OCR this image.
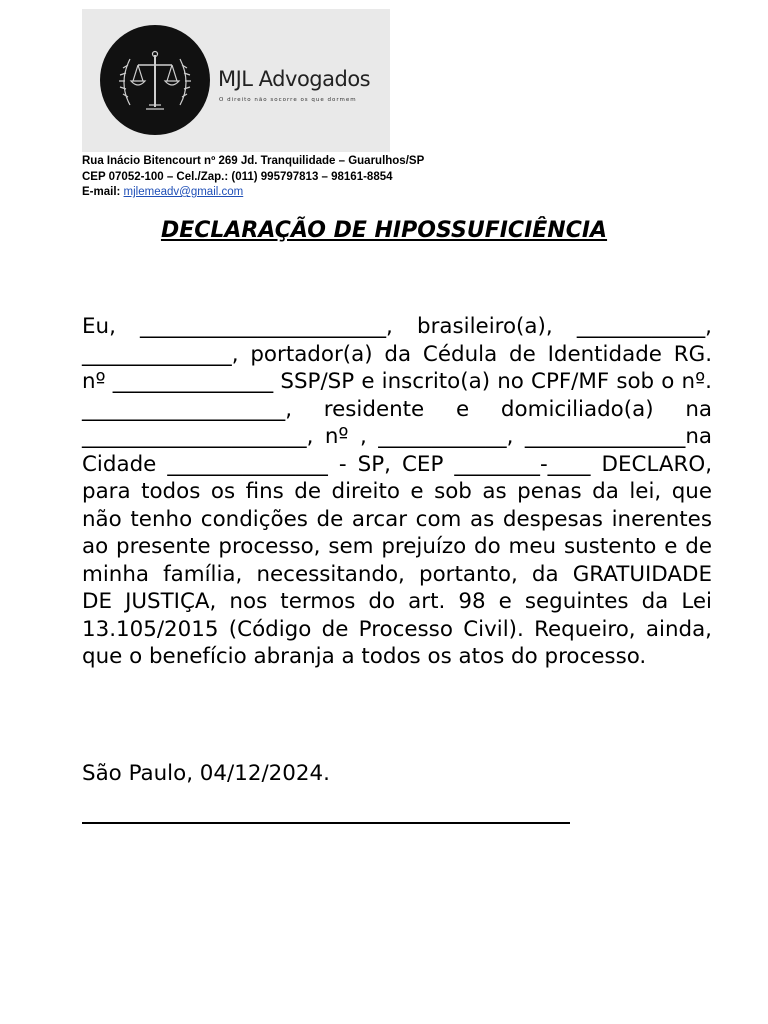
MJL Advogados
O direito não socorre os que dormem
Rua Inácio Bitencourt nº 269 Jd. Tranquilidade – Guarulhos/SP
CEP 07052-100 – Cel./Zap.: (011) 995797813 – 98161-8854
E-mail: mjlemeadv@gmail.com
DECLARAÇÃO DE HIPOSSUFICIÊNCIA

Eu, _______________________, brasileiro(a), ____________, ______________, portador(a) da Cédula de Identidade RG. nº _______________ SSP/SP e inscrito(a) no CPF/MF sob o nº. ___________________, residente e domiciliado(a) na _____________________, nº , ____________, _______________na Cidade _______________ - SP, CEP ________-____ DECLARO, para todos os fins de direito e sob as penas da lei, que não tenho condições de arcar com as despesas inerentes ao presente processo, sem prejuízo do meu sustento e de minha família, necessitando, portanto, da GRATUIDADE DE JUSTIÇA, nos termos do art. 98 e seguintes da Lei 13.105/2015 (Código de Processo Civil). Requeiro, ainda, que o benefício abranja a todos os atos do processo.

São Paulo, 04/12/2024.
